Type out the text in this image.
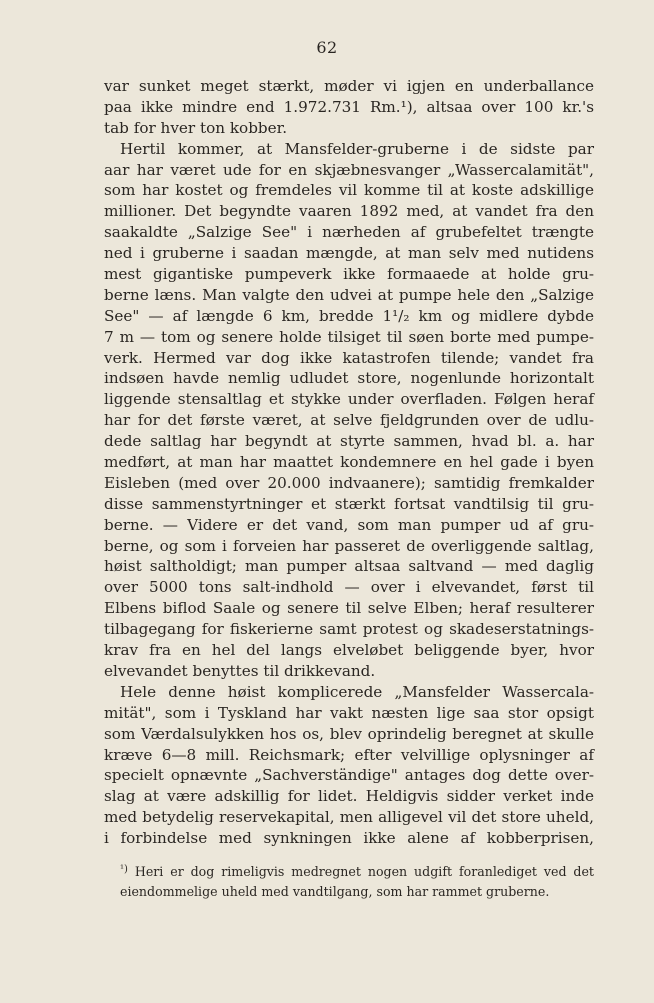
62
var sunket meget stærkt, møder vi igjen en underballance
paa ikke mindre end 1.972.731 Rm.¹), altsaa over 100 kr.'s
tab for hver ton kobber.
Hertil kommer, at Mansfelder-gruberne i de sidste par
aar har været ude for en skjæbnesvanger „Wassercalamität",
som har kostet og fremdeles vil komme til at koste adskillige
millioner. Det begyndte vaaren 1892 med, at vandet fra den
saakaldte „Salzige See" i nærheden af grubefeltet trængte
ned i gruberne i saadan mængde, at man selv med nutidens
mest gigantiske pumpeverk ikke formaaede at holde gru-
berne læns. Man valgte den udvei at pumpe hele den „Salzige
See" — af længde 6 km, bredde 1¹/₂ km og midlere dybde
7 m — tom og senere holde tilsiget til søen borte med pumpe-
verk. Hermed var dog ikke katastrofen tilende; vandet fra
indsøen havde nemlig udludet store, nogenlunde horizontalt
liggende stensaltlag et stykke under overfladen. Følgen heraf
har for det første været, at selve fjeldgrunden over de udlu-
dede saltlag har begyndt at styrte sammen, hvad bl. a. har
medført, at man har maattet kondemnere en hel gade i byen
Eisleben (med over 20.000 indvaanere); samtidig fremkalder
disse sammenstyrtninger et stærkt fortsat vandtilsig til gru-
berne. — Videre er det vand, som man pumper ud af gru-
berne, og som i forveien har passeret de overliggende saltlag,
høist saltholdigt; man pumper altsaa saltvand — med daglig
over 5000 tons salt-indhold — over i elvevandet, først til
Elbens biflod Saale og senere til selve Elben; heraf resulterer
tilbagegang for fiskerierne samt protest og skadeserstatnings-
krav fra en hel del langs elveløbet beliggende byer, hvor
elvevandet benyttes til drikkevand.
Hele denne høist komplicerede „Mansfelder Wassercala-
mität", som i Tyskland har vakt næsten lige saa stor opsigt
som Værdalsulykken hos os, blev oprindelig beregnet at skulle
kræve 6—8 mill. Reichsmark; efter velvillige oplysninger af
specielt opnævnte „Sachverständige" antages dog dette over-
slag at være adskillig for lidet. Heldigvis sidder verket inde
med betydelig reservekapital, men alligevel vil det store uheld,
i forbindelse med synkningen ikke alene af kobberprisen,
$^{^1)}$ Heri er dog rimeligvis medregnet nogen udgift foranlediget ved det
eiendommelige uheld med vandtilgang, som har rammet gruberne.
